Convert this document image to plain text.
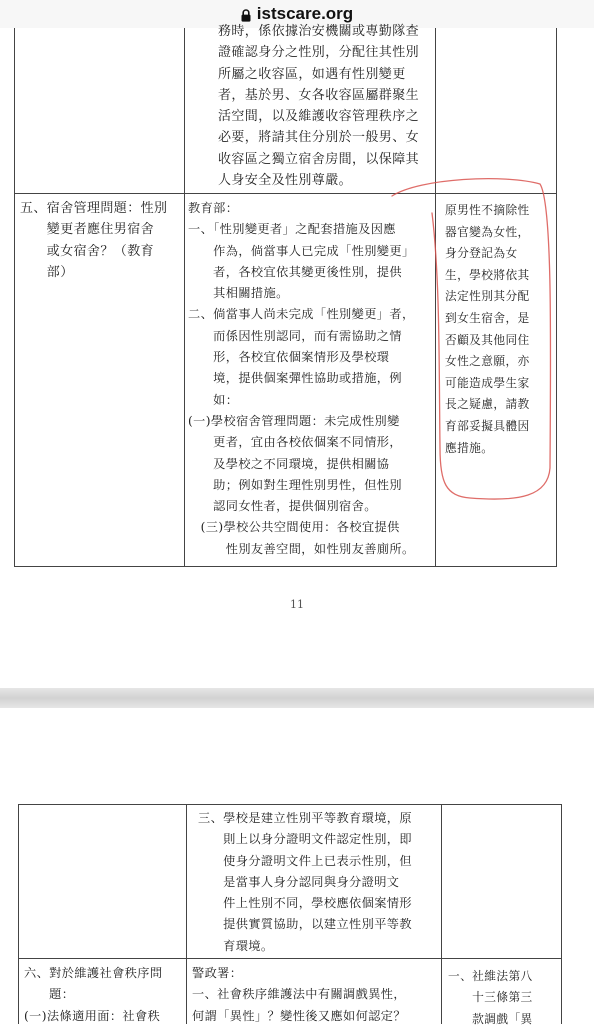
istscare.org
務時，係依據治安機關或專勤隊查
證確認身分之性別，分配往其性別
所屬之收容區，如遇有性別變更
者，基於男、女各收容區屬群聚生
活空間，以及維護收容管理秩序之
必要，將請其住分別於一般男、女
收容區之獨立宿舍房間，以保障其
人身安全及性別尊嚴。
五、宿舍管理問題：性別
　　變更者應住男宿舍
　　或女宿舍？（教育
　　部）
教育部：
一、「性別變更者」之配套措施及因應
　　作為，倘當事人已完成「性別變更」
　　者，各校宜依其變更後性別，提供
　　其相關措施。
二、倘當事人尚未完成「性別變更」者，
　　而係因性別認同，而有需協助之情
　　形，各校宜依個案情形及學校環
　　境，提供個案彈性協助或措施，例
　　如：
(一)學校宿舍管理問題：未完成性別變
　　更者，宜由各校依個案不同情形，
　　及學校之不同環境，提供相關協
　　助；例如對生理性別男性，但性別
　　認同女性者，提供個別宿舍。
　(三)學校公共空間使用：各校宜提供
　　　性別友善空間，如性別友善廁所。
原男性不摘除性
器官變為女性，
身分登記為女
生，學校將依其
法定性別其分配
到女生宿舍，是
否顧及其他同住
女性之意願，亦
可能造成學生家
長之疑慮，請教
育部妥擬具體因
應措施。
11
三、學校是建立性別平等教育環境，原
　　則上以身分證明文件認定性別，即
　　使身分證明文件上已表示性別，但
　　是當事人身分認同與身分證明文
　　件上性別不同，學校應依個案情形
　　提供實質協助，以建立性別平等教
　　育環境。
六、對於維護社會秩序問
　　題：
(一)法條適用面：社會秩
警政署：
一、社會秩序維護法中有關調戲異性，
何謂「異性」？變性後又應如何認定？
一、社維法第八
　　十三條第三
　　款調戲「異
